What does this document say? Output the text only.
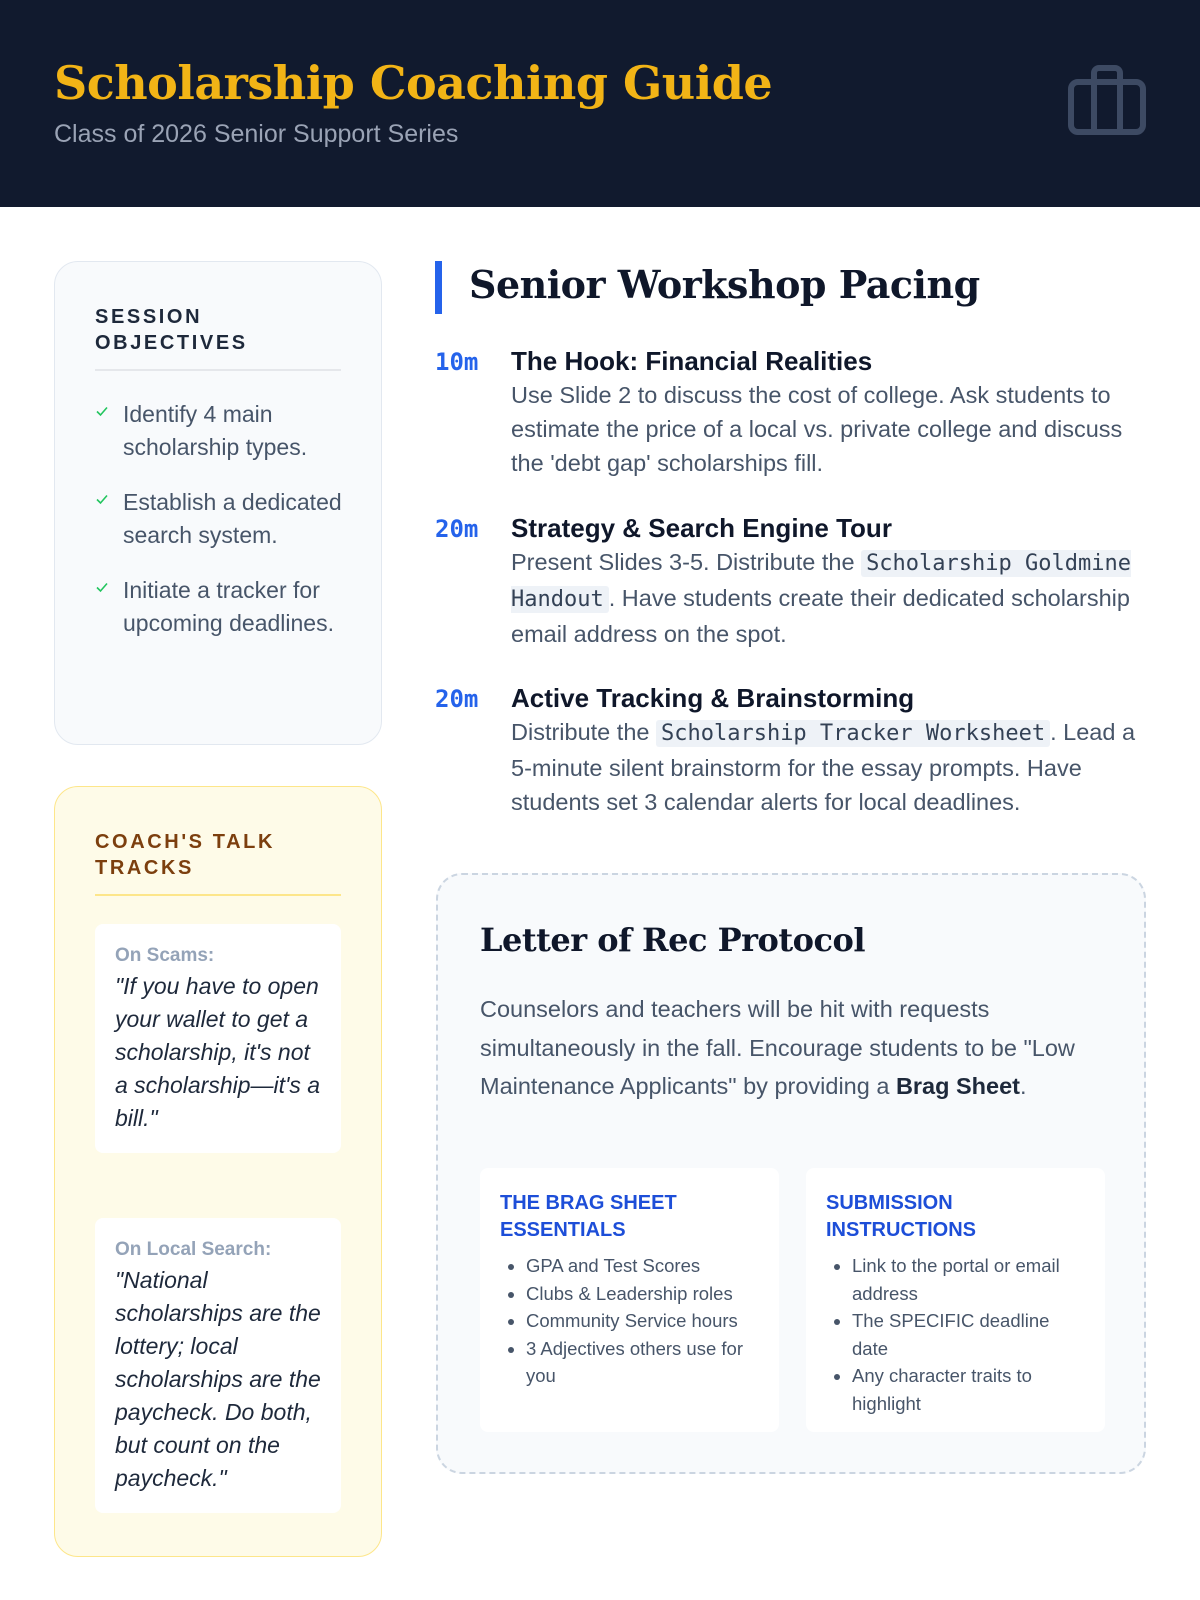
Scholarship Coaching Guide
Class of 2026 Senior Support Series
SESSION OBJECTIVES
Identify 4 main scholarship types.
Establish a dedicated search system.
Initiate a tracker for upcoming deadlines.
COACH'S TALK TRACKS
On Scams:
"If you have to open your wallet to get a scholarship, it's not a scholarship—it's a bill."
On Local Search:
"National scholarships are the lottery; local scholarships are the paycheck. Do both, but count on the paycheck."
Senior Workshop Pacing
10m The Hook: Financial Realities
Use Slide 2 to discuss the cost of college. Ask students to estimate the price of a local vs. private college and discuss the 'debt gap' scholarships fill.
20m Strategy & Search Engine Tour
Present Slides 3-5. Distribute the Scholarship Goldmine Handout . Have students create their dedicated scholarship email address on the spot.
20m Active Tracking & Brainstorming
Distribute the Scholarship Tracker Worksheet . Lead a 5-minute silent brainstorm for the essay prompts. Have students set 3 calendar alerts for local deadlines.
Letter of Rec Protocol
Counselors and teachers will be hit with requests simultaneously in the fall. Encourage students to be "Low Maintenance Applicants" by providing a Brag Sheet.
THE BRAG SHEET ESSENTIALS
• GPA and Test Scores
• Clubs & Leadership roles
• Community Service hours
• 3 Adjectives others use for you
SUBMISSION INSTRUCTIONS
• Link to the portal or email address
• The SPECIFIC deadline date
• Any character traits to highlight
